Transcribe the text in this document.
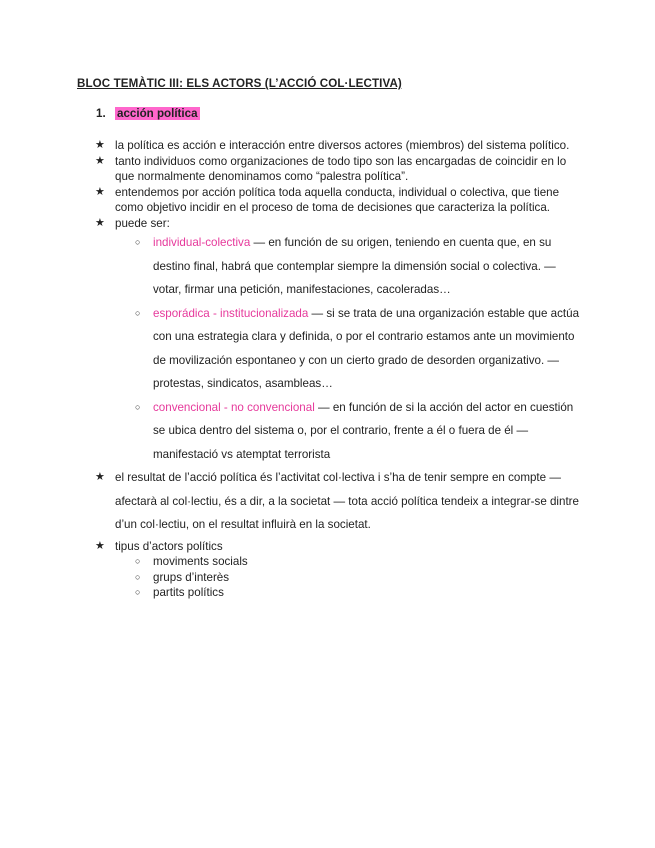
BLOC TEMÀTIC III: ELS ACTORS (L’ACCIÓ COL·LECTIVA)
1. acción política
★ la política es acción e interacción entre diversos actores (miembros) del sistema político.
★ tanto individuos como organizaciones de todo tipo son las encargadas de coincidir en lo que normalmente denominamos como “palestra política”.
★ entendemos por acción política toda aquella conducta, individual o colectiva, que tiene como objetivo incidir en el proceso de toma de decisiones que caracteriza la política.
★ puede ser:
○ individual-colectiva — en función de su origen, teniendo en cuenta que, en su destino final, habrá que contemplar siempre la dimensión social o colectiva. — votar, firmar una petición, manifestaciones, cacoleradas…
○ esporádica - institucionalizada — si se trata de una organización estable que actúa con una estrategia clara y definida, o por el contrario estamos ante un movimiento de movilización espontaneo y con un cierto grado de desorden organizativo. — protestas, sindicatos, asambleas…
○ convencional - no convencional — en función de si la acción del actor en cuestión se ubica dentro del sistema o, por el contrario, frente a él o fuera de él — manifestació vs atemptat terrorista
★ el resultat de l’acció política és l’activitat col·lectiva i s’ha de tenir sempre en compte — afectarà al col·lectiu, és a dir, a la societat — tota acció política tendeix a integrar-se dintre d’un col·lectiu, on el resultat influirà en la societat.
★ tipus d’actors polítics
○ moviments socials
○ grups d’interès
○ partits polítics
